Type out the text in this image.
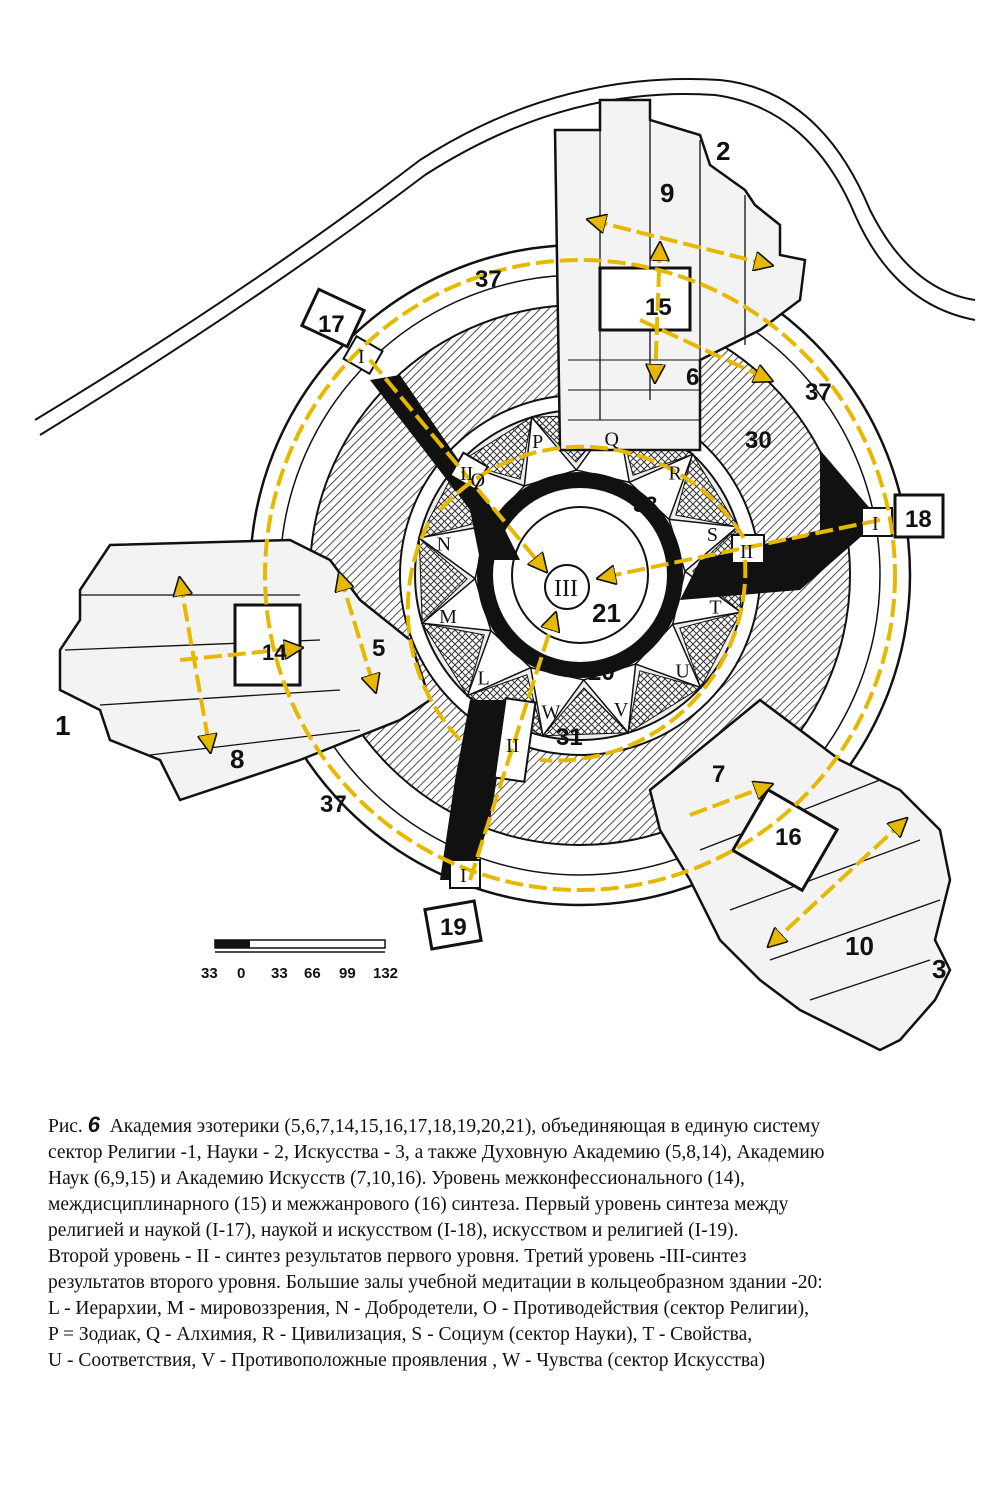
2
9
15
6
37
37
37
30
33
17
18
35
14	5
1
8
7
16
10
3
19
20
31
21
III
I
II
I
II
II
I
L
M
N
O
P	Q
R
S
T
U
V
W
33 0 33 66 99 132
Рис. 6 Академия эзотерики (5,6,7,14,15,16,17,18,19,20,21), объединяющая в единую систему
сектор Религии -1, Науки - 2, Искусства - 3, а также Духовную Академию (5,8,14), Академию
Наук (6,9,15) и Академию Искусств (7,10,16). Уровень межконфессионального (14),
междисциплинарного (15) и межжанрового (16) синтеза. Первый уровень синтеза между
религией и наукой (I-17), наукой и искусством (I-18), искусством и религией (I-19).
Второй уровень - II - синтез результатов первого уровня. Третий уровень -III-синтез
результатов второго уровня. Большие залы учебной медитации в кольцеобразном здании -20:
L - Иерархии, М - мировоззрения, N - Добродетели, O - Противодействия (сектор Религии),
P = Зодиак, Q - Алхимия, R - Цивилизация, S - Социум (сектор Науки), T - Свойства,
U - Соответствия, V - Противоположные проявления , W - Чувства (сектор Искусства)
